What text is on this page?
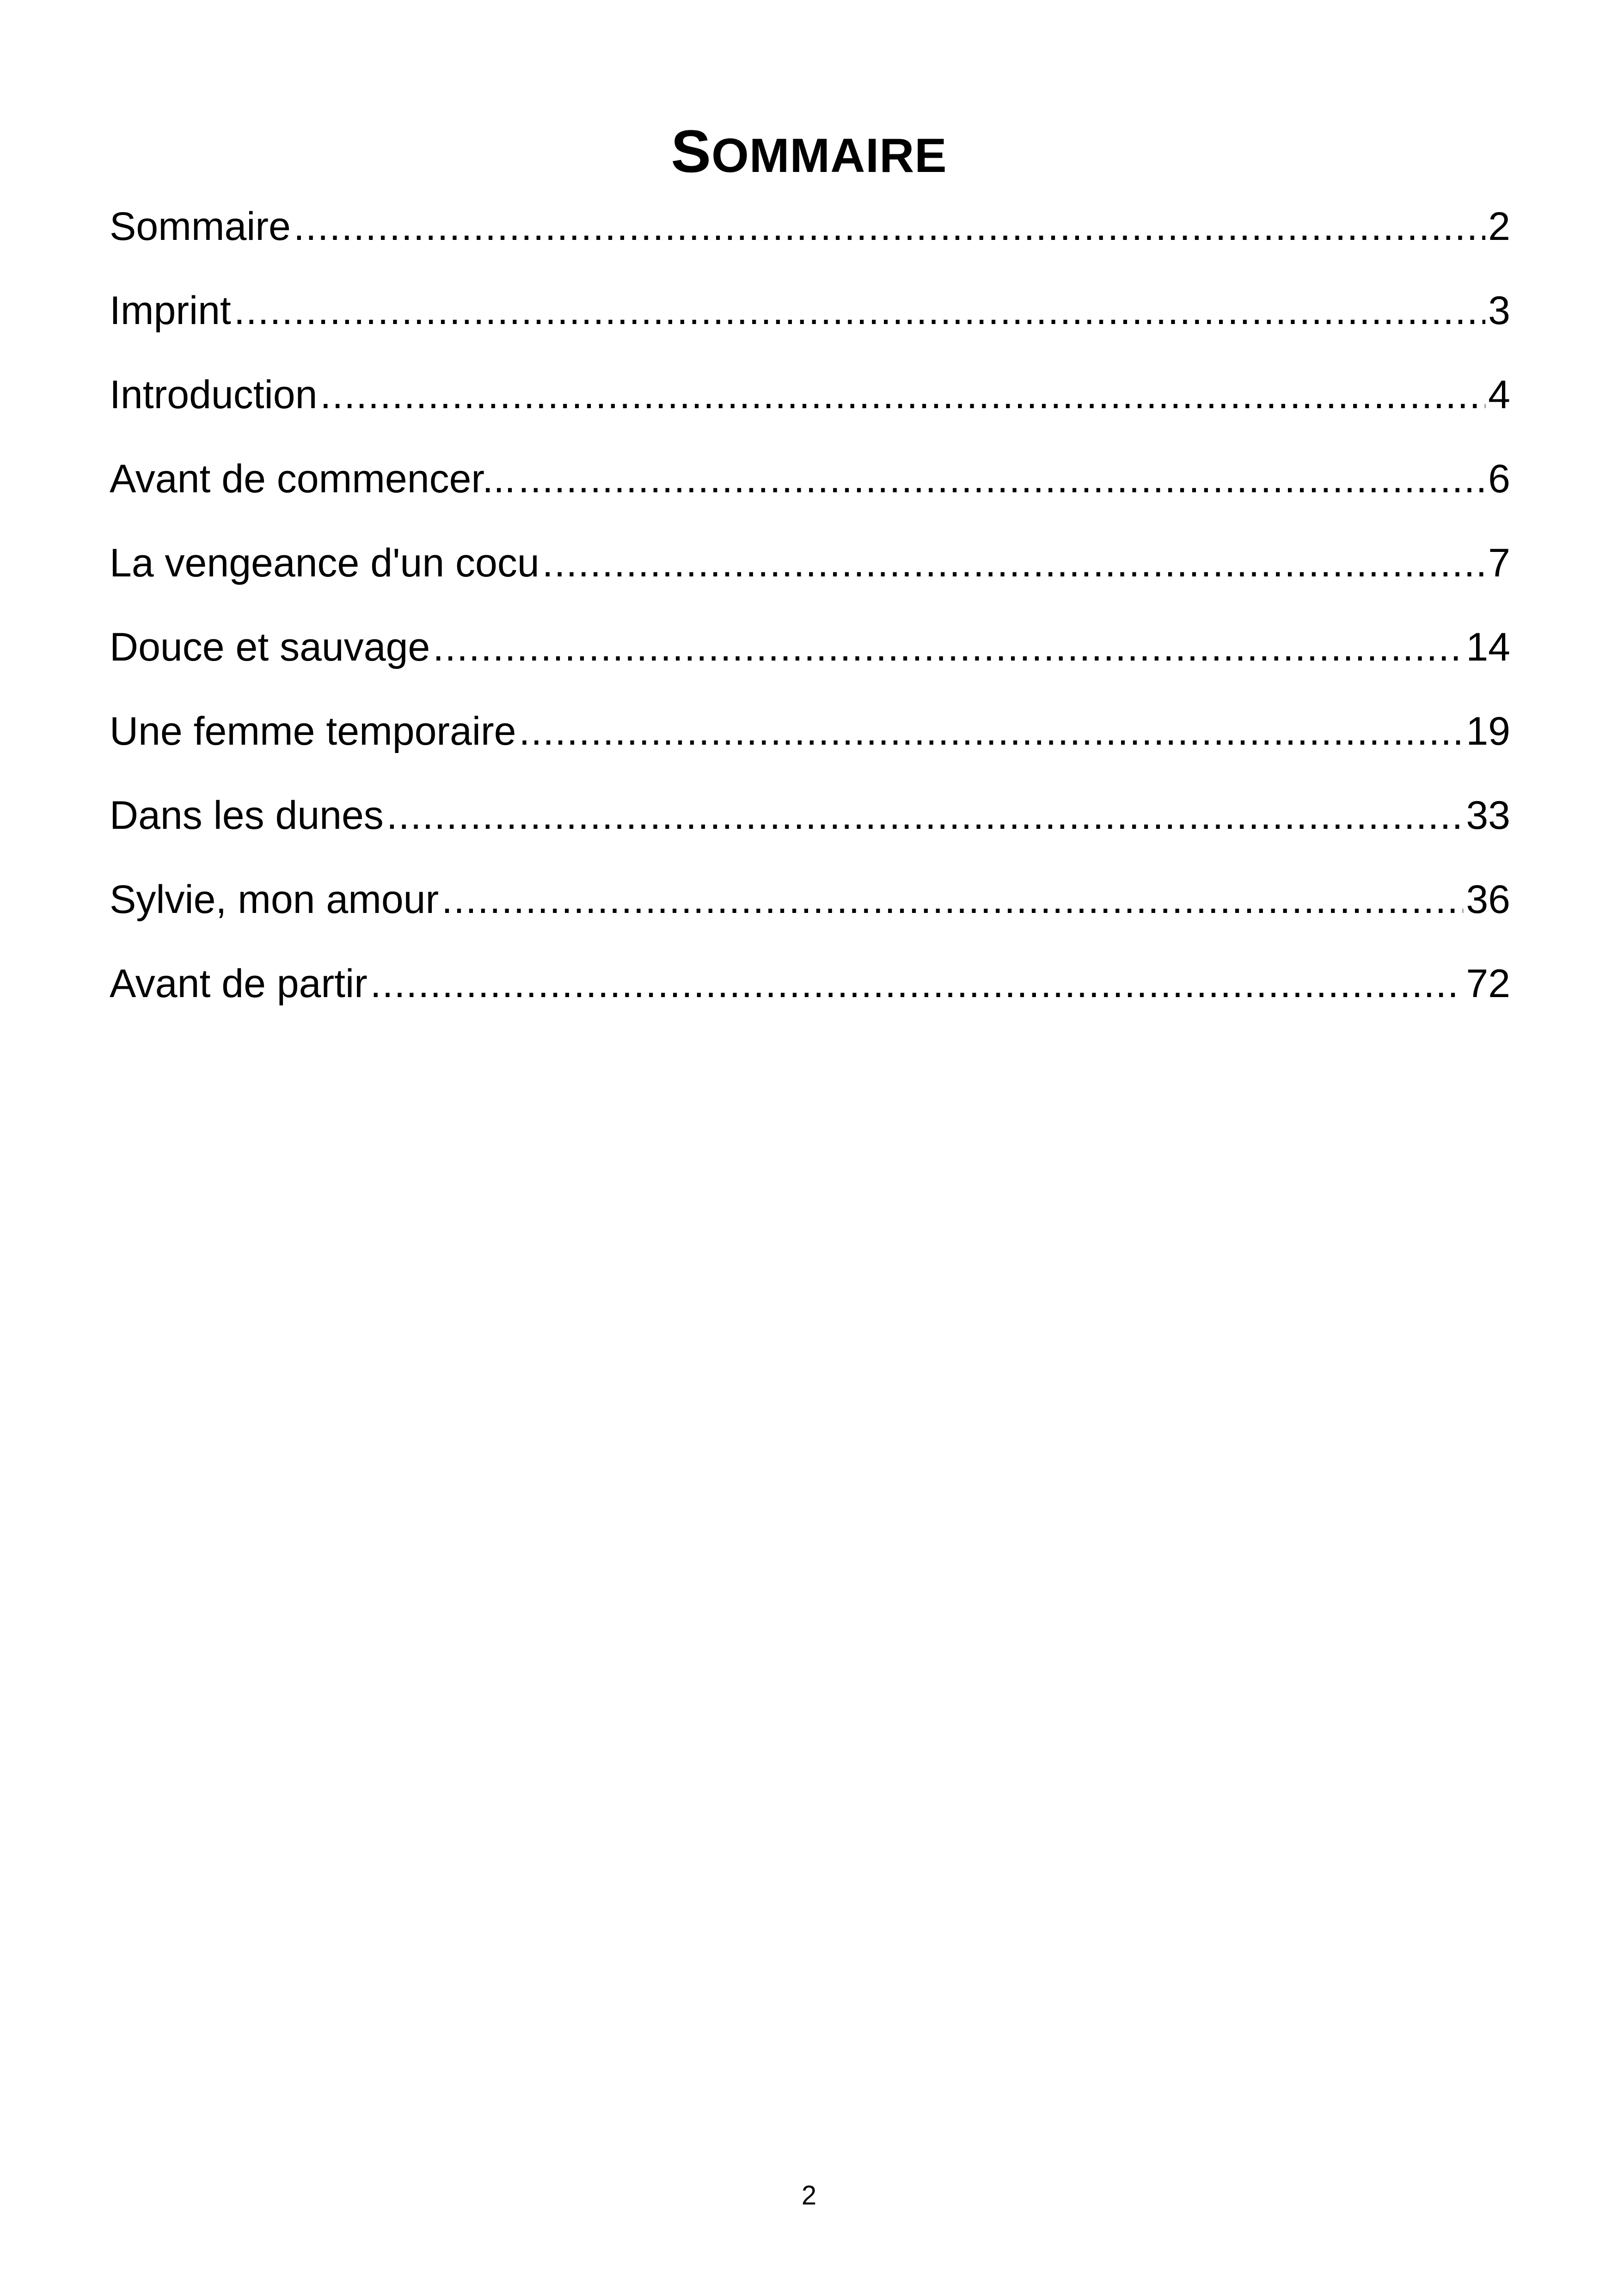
SOMMAIRE
Sommaire .....	2
Imprint .....	3
Introduction .....	4
Avant de commencer... .....	6
La vengeance d'un cocu .....	7
Douce et sauvage .....	14
Une femme temporaire .....	19
Dans les dunes .....	33
Sylvie, mon amour .....	36
Avant de partir .....	72
2
